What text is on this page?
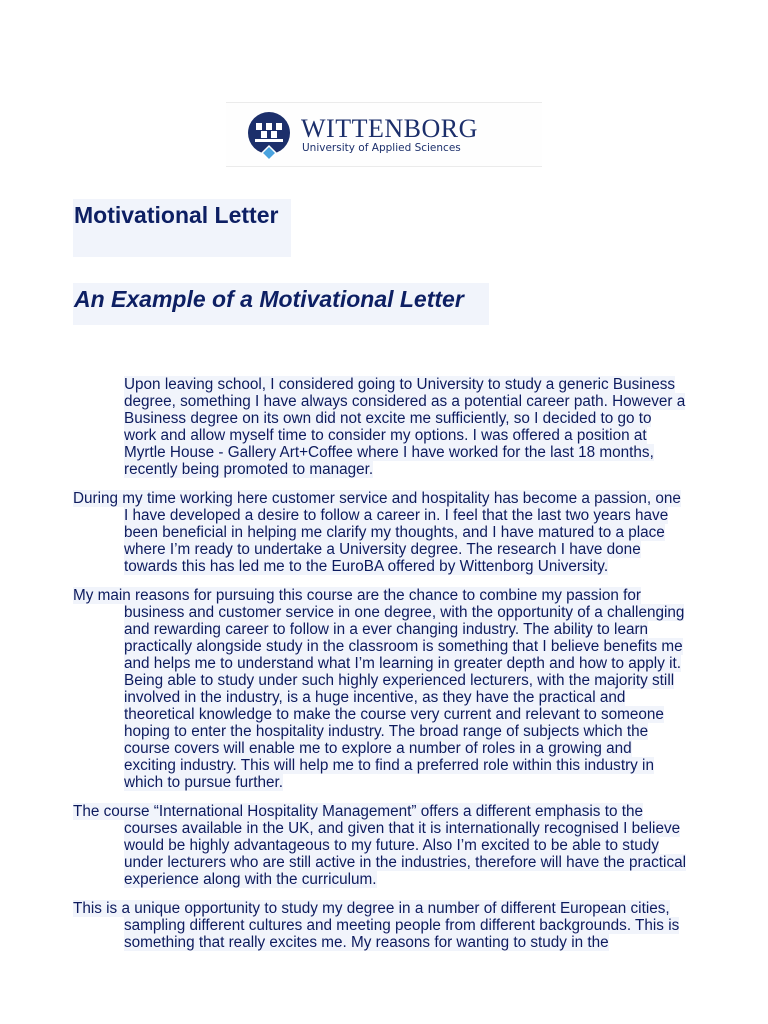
WITTENBORG
University of Applied Sciences
Motivational Letter
An Example of a Motivational Letter
Upon leaving school, I considered going to University to study a generic Business
degree, something I have always considered as a potential career path. However a
Business degree on its own did not excite me sufficiently, so I decided to go to
work and allow myself time to consider my options. I was offered a position at
Myrtle House - Gallery Art+Coffee where I have worked for the last 18 months,
recently being promoted to manager.
During my time working here customer service and hospitality has become a passion, one
I have developed a desire to follow a career in. I feel that the last two years have
been beneficial in helping me clarify my thoughts, and I have matured to a place
where I’m ready to undertake a University degree. The research I have done
towards this has led me to the EuroBA offered by Wittenborg University.
My main reasons for pursuing this course are the chance to combine my passion for
business and customer service in one degree, with the opportunity of a challenging
and rewarding career to follow in a ever changing industry. The ability to learn
practically alongside study in the classroom is something that I believe benefits me
and helps me to understand what I’m learning in greater depth and how to apply it.
Being able to study under such highly experienced lecturers, with the majority still
involved in the industry, is a huge incentive, as they have the practical and
theoretical knowledge to make the course very current and relevant to someone
hoping to enter the hospitality industry. The broad range of subjects which the
course covers will enable me to explore a number of roles in a growing and
exciting industry. This will help me to find a preferred role within this industry in
which to pursue further.
The course “International Hospitality Management” offers a different emphasis to the
courses available in the UK, and given that it is internationally recognised I believe
would be highly advantageous to my future. Also I’m excited to be able to study
under lecturers who are still active in the industries, therefore will have the practical
experience along with the curriculum.
This is a unique opportunity to study my degree in a number of different European cities,
sampling different cultures and meeting people from different backgrounds. This is
something that really excites me. My reasons for wanting to study in the
